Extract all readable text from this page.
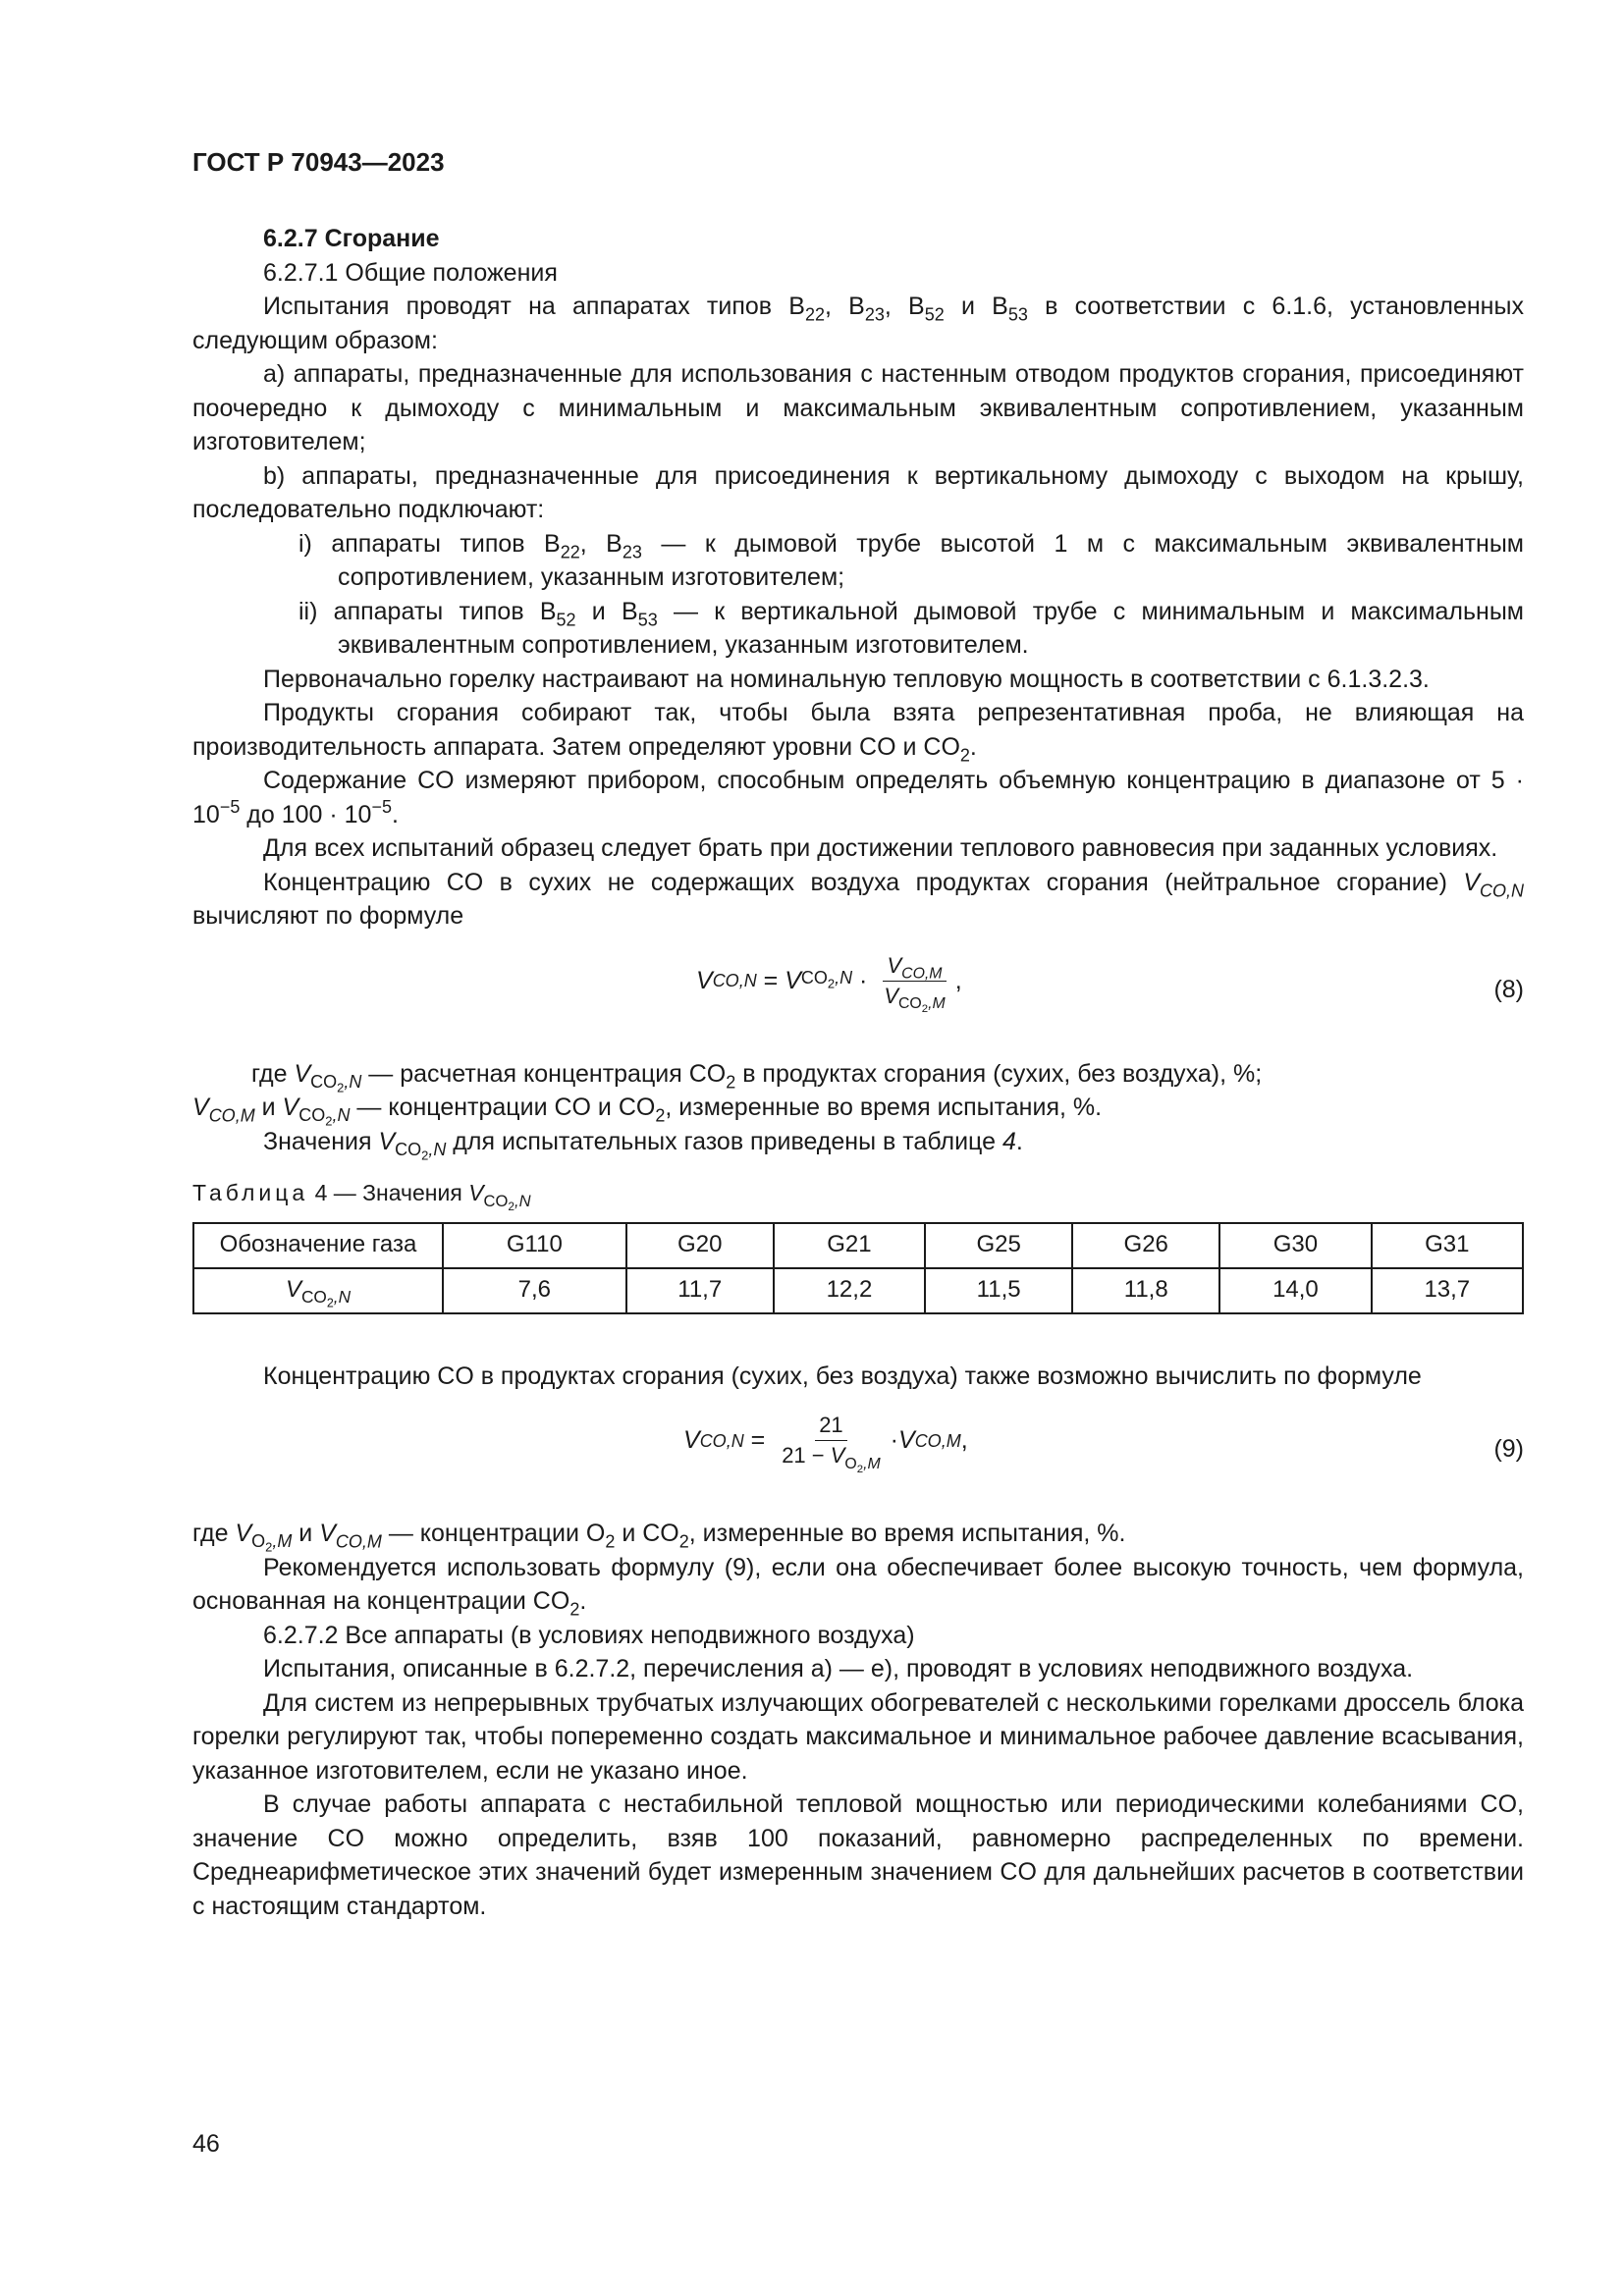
ГОСТ Р 70943—2023

6.2.7 Сгорание

6.2.7.1 Общие положения

Испытания проводят на аппаратах типов $B_{22}$, $B_{23}$, $B_{52}$ и $B_{53}$ в соответствии с 6.1.6, установленных следующим образом:

a) аппараты, предназначенные для использования с настенным отводом продуктов сгорания, присоединяют поочередно к дымоходу с минимальным и максимальным эквивалентным сопротивлением, указанным изготовителем;

b) аппараты, предназначенные для присоединения к вертикальному дымоходу с выходом на крышу, последовательно подключают:

i) аппараты типов $B_{22}$, $B_{23}$ — к дымовой трубе высотой 1 м с максимальным эквивалентным сопротивлением, указанным изготовителем;

ii) аппараты типов $B_{52}$ и $B_{53}$ — к вертикальной дымовой трубе с минимальным и максимальным эквивалентным сопротивлением, указанным изготовителем.

Первоначально горелку настраивают на номинальную тепловую мощность в соответствии с 6.1.3.2.3.

Продукты сгорания собирают так, чтобы была взята репрезентативная проба, не влияющая на производительность аппарата. Затем определяют уровни CO и $CO_2$.

Содержание CO измеряют прибором, способным определять объемную концентрацию в диапазоне от $5 \cdot 10^{-5}$ до $100 \cdot 10^{-5}$.

Для всех испытаний образец следует брать при достижении теплового равновесия при заданных условиях.

Концентрацию CO в сухих не содержащих воздуха продуктах сгорания (нейтральное сгорание) $V_{CO,N}$ вычисляют по формуле

V CO,N = V $CO_2,N \cdot \frac{V_{CO,M}}{V_{CO_2,M}}$ ,	(8)

где $V_{CO_2,N}$ — расчетная концентрация $CO_2$ в продуктах сгорания (сухих, без воздуха), %;

$V_{CO,M}$ и $V_{CO_2,N}$ — концентрации CO и $CO_2$, измеренные во время испытания, %.

Значения $V_{CO_2,N}$ для испытательных газов приведены в таблице 4.

Таблица 4 — Значения $V_{CO_2,N}$

Обозначение газа	G110	G20	G21	G25	G26	G30	G31
$V_{CO_2,N}$	7,6	11,7	12,2	11,5	11,8	14,0	13,7

Концентрацию CO в продуктах сгорания (сухих, без воздуха) также возможно вычислить по формуле

V $CO,N = \frac{21}{21 - V_{O_2,M}} \cdot V$ CO,M ,	(9)

где $V_{O_2,M}$ и $V_{CO,M}$ — концентрации $O_2$ и $CO_2$, измеренные во время испытания, %.

Рекомендуется использовать формулу (9), если она обеспечивает более высокую точность, чем формула, основанная на концентрации $CO_2$.

6.2.7.2 Все аппараты (в условиях неподвижного воздуха)

Испытания, описанные в 6.2.7.2, перечисления a) — e), проводят в условиях неподвижного воздуха.

Для систем из непрерывных трубчатых излучающих обогревателей с несколькими горелками дроссель блока горелки регулируют так, чтобы попеременно создать максимальное и минимальное рабочее давление всасывания, указанное изготовителем, если не указано иное.

В случае работы аппарата с нестабильной тепловой мощностью или периодическими колебаниями CO, значение CO можно определить, взяв 100 показаний, равномерно распределенных по времени. Среднеарифметическое этих значений будет измеренным значением CO для дальнейших расчетов в соответствии с настоящим стандартом.

46
